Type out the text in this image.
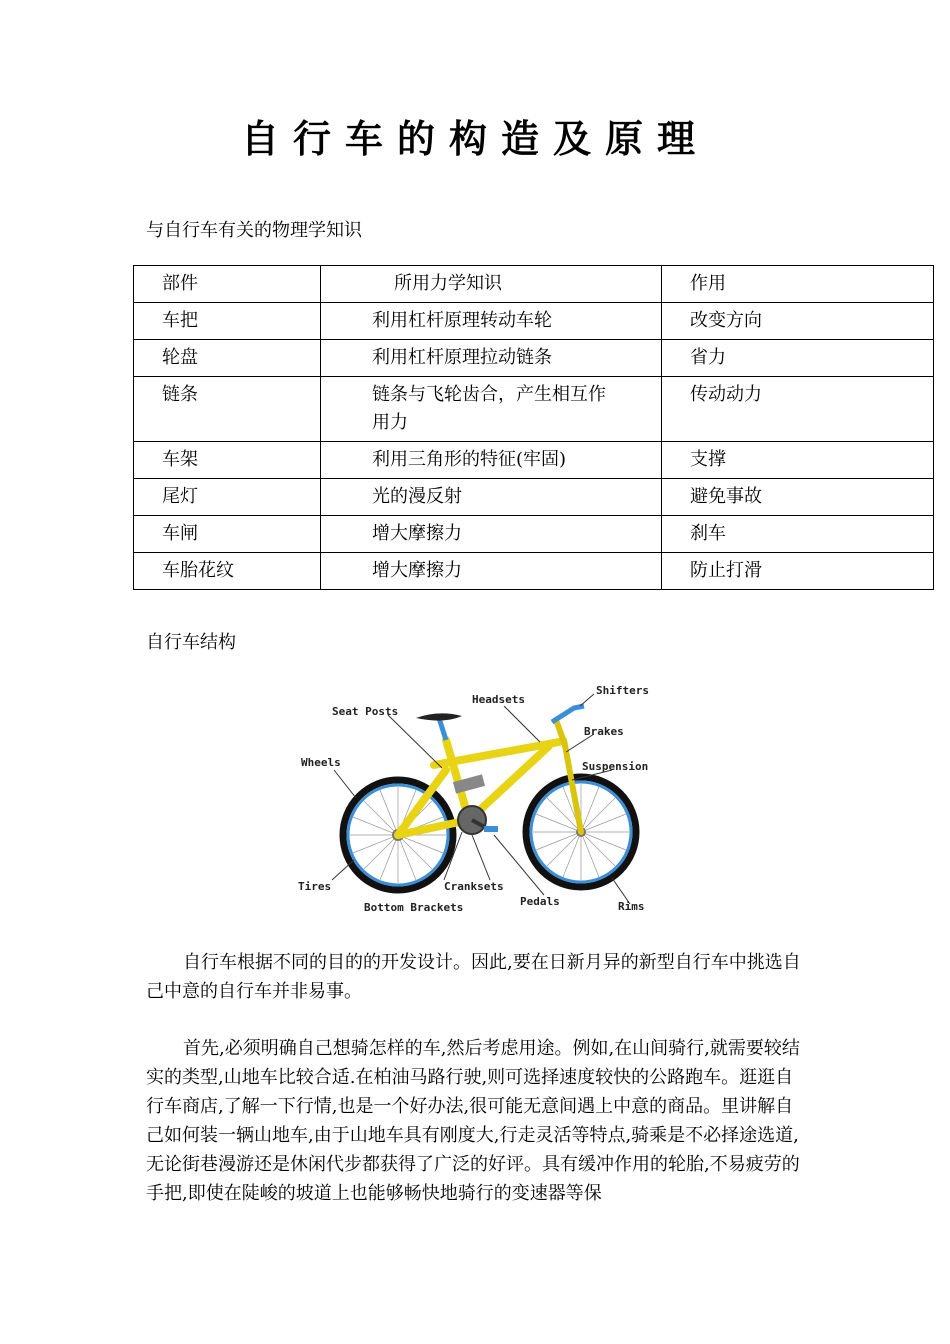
自行车的构造及原理

与自行车有关的物理学知识

部件	所用力学知识	作用
车把	利用杠杆原理转动车轮	改变方向
轮盘	利用杠杆原理拉动链条	省力
链条	链条与飞轮齿合，产生相互作用力	传动动力
车架	利用三角形的特征(牢固)	支撑
尾灯	光的漫反射	避免事故
车闸	增大摩擦力	刹车
车胎花纹	增大摩擦力	防止打滑

自行车结构

Seat Posts
Headsets
Shifters
Brakes
Suspension
Wheels
Tires	Cranksets
Bottom Brackets	Pedals	Rims

自行车根据不同的目的的开发设计。因此,要在日新月异的新型自行车中挑选自己中意的自行车并非易事。

首先,必须明确自己想骑怎样的车,然后考虑用途。例如,在山间骑行,就需要较结实的类型,山地车比较合适.在柏油马路行驶,则可选择速度较快的公路跑车。逛逛自行车商店,了解一下行情,也是一个好办法,很可能无意间遇上中意的商品。里讲解自己如何装一辆山地车,由于山地车具有刚度大,行走灵活等特点,骑乘是不必择途选道,无论街巷漫游还是休闲代步都获得了广泛的好评。具有缓冲作用的轮胎,不易疲劳的手把,即使在陡峻的坡道上也能够畅快地骑行的变速器等保
